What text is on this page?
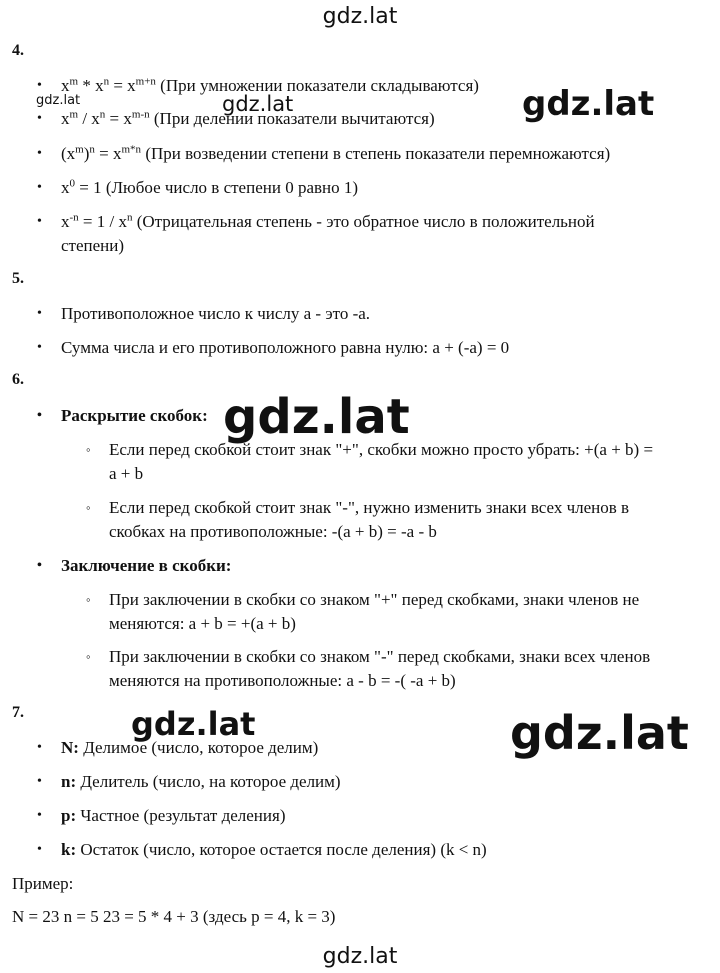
gdz.lat
gdz.lat	gdz.lat	gdz.lat
gdz.lat
gdz.lat	gdz.lat
gdz.lat
4.
• $x^m * x^n = x^{m+n}$ (При умножении показатели складываются)
• $x^m / x^n = x^{m-n}$ (При делении показатели вычитаются)
• $(x^m)^n = x^{m*n}$ (При возведении степени в степень показатели перемножаются)
• $x^0 = 1$ (Любое число в степени 0 равно 1)
• $x^{-n} = 1 / x^n$ (Отрицательная степень - это обратное число в положительной
степени)
5.
• Противоположное число к числу a - это -a.
• Сумма числа и его противоположного равна нулю: a + (-a) = 0
6.
• Раскрытие скобок:
◦ Если перед скобкой стоит знак "+", скобки можно просто убрать: +(a + b) =
a + b
◦ Если перед скобкой стоит знак "-", нужно изменить знаки всех членов в
скобках на противоположные: -(a + b) = -a - b
• Заключение в скобки:
◦ При заключении в скобки со знаком "+" перед скобками, знаки членов не
меняются: a + b = +(a + b)
◦ При заключении в скобки со знаком "-" перед скобками, знаки всех членов
меняются на противоположные: a - b = -( -a + b)
7.
• N: Делимое (число, которое делим)
• n: Делитель (число, на которое делим)
• p: Частное (результат деления)
• k: Остаток (число, которое остается после деления) (k < n)
Пример:
N = 23 n = 5 23 = 5 * 4 + 3 (здесь p = 4, k = 3)
